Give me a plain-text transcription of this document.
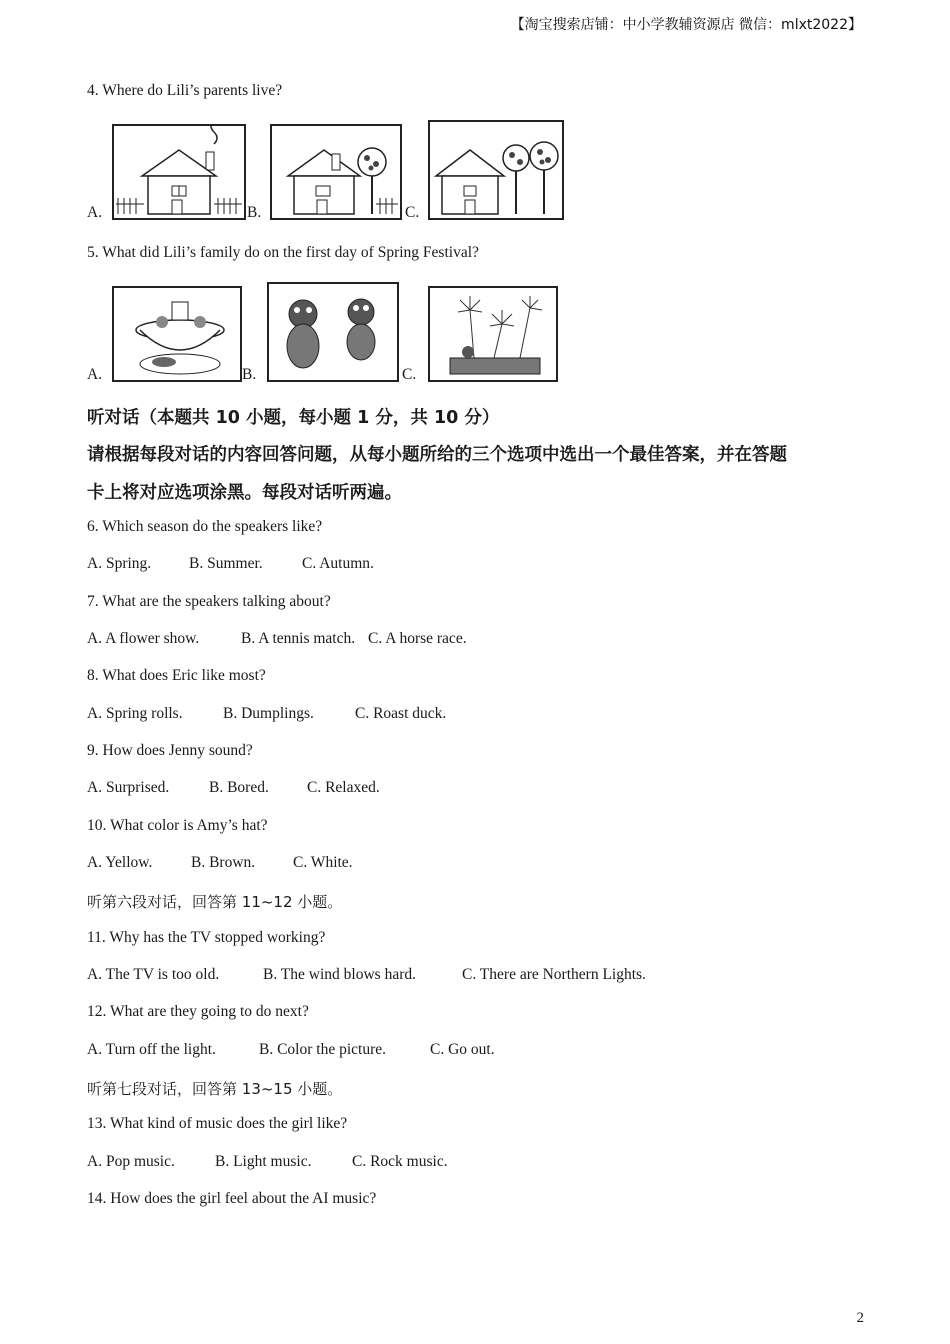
【淘宝搜索店铺：中小学教辅资源店 微信：mlxt2022】
4. Where do Lili’s parents live?
A.	B.	C.
5. What did Lili’s family do on the first day of Spring Festival?
A.	B.	C.
听对话（本题共 10 小题，每小题 1 分，共 10 分）
请根据每段对话的内容回答问题，从每小题所给的三个选项中选出一个最佳答案，并在答题
卡上将对应选项涂黑。每段对话听两遍。
6. Which season do the speakers like?
A. Spring. B. Summer.	C. Autumn.
7. What are the speakers talking about?
A. A flower show.	B. A tennis match. C. A horse race.
8. What does Eric like most?
A. Spring rolls.	B. Dumplings.	C. Roast duck.
9. How does Jenny sound?
A. Surprised.	B. Bored. C. Relaxed.
10. What color is Amy’s hat?
A. Yellow. B. Brown. C. White.
听第六段对话，回答第 11~12 小题。
11. Why has the TV stopped working?
A. The TV is too old.	B. The wind blows hard.	C. There are Northern Lights.
12. What are they going to do next?
A. Turn off the light.	B. Color the picture.	C. Go out.
听第七段对话，回答第 13~15 小题。
13. What kind of music does the girl like?
A. Pop music.	B. Light music.	C. Rock music.
14. How does the girl feel about the AI music?
2
